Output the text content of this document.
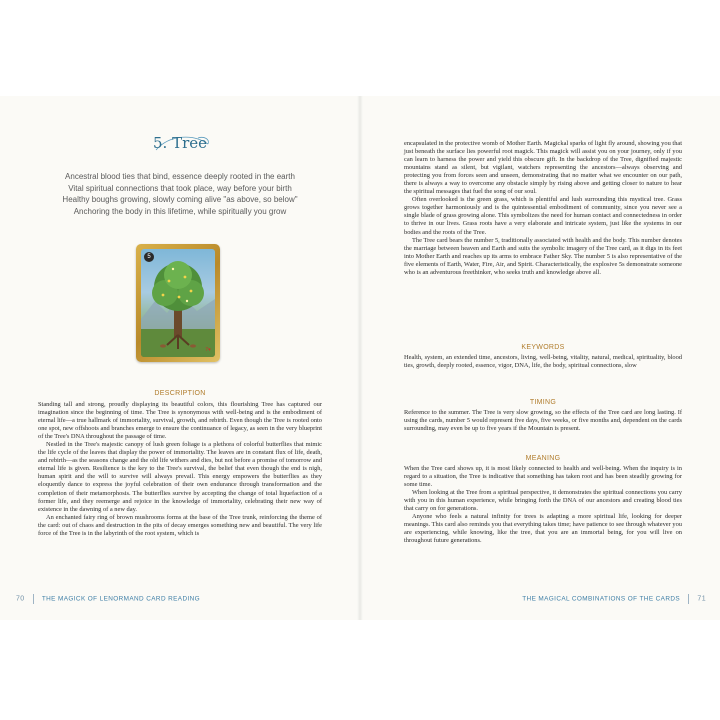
5. Tree
Ancestral blood ties that bind, essence deeply rooted in the earth
Vital spiritual connections that took place, way before your birth
Healthy boughs growing, slowly coming alive "as above, so below"
Anchoring the body in this lifetime, while spiritually you grow
5
7♥
DESCRIPTION

Standing tall and strong, proudly displaying its beautiful colors, this flourishing Tree has captured our imagination since the beginning of time. The Tree is synonymous with well-being and is the embodiment of eternal life—a true hallmark of immortality, survival, growth, and rebirth. Even though the Tree is rooted onto one spot, new offshoots and branches emerge to ensure the continuance of legacy, as seen in the very blueprint of the Tree's DNA throughout the passage of time.

Nestled in the Tree's majestic canopy of lush green foliage is a plethora of colorful butterflies that mimic the life cycle of the leaves that display the power of immortality. The leaves are in constant flux of life, death, and rebirth—as the seasons change and the old life withers and dies, but not before a promise of tomorrow and eternal life is given. Resilience is the key to the Tree's survival, the belief that even though the end is nigh, human spirit and the will to survive will always prevail. This energy empowers the butterflies as they eloquently dance to express the joyful celebration of their own endurance through transformation and the completion of their metamorphosis. The butterflies survive by accepting the change of total liquefaction of a former life, and they reemerge and rejoice in the knowledge of immortality, celebrating their new way of existence in the dawning of a new day.

An enchanted fairy ring of brown mushrooms forms at the base of the Tree trunk, reinforcing the theme of the card: out of chaos and destruction in the pits of decay emerges something new and beautiful. The very life force of the Tree is in the labyrinth of the root system, which is

70	THE MAGICK OF LENORMAND CARD READING

encapsulated in the protective womb of Mother Earth. Magickal sparks of light fly around, showing you that just beneath the surface lies powerful root magick. This magick will assist you on your journey, only if you can learn to harness the power and yield this obscure gift. In the backdrop of the Tree, dignified majestic mountains stand as silent, but vigilant, watchers representing the ancestors—always observing and protecting you from forces seen and unseen, demonstrating that no matter what we encounter on our path, there is always a way to overcome any obstacle simply by rising above and getting closer to nature to hear the spiritual messages that fuel the song of our soul.

Often overlooked is the green grass, which is plentiful and lush surrounding this mystical tree. Grass grows together harmoniously and is the quintessential embodiment of community, since you never see a single blade of grass growing alone. This symbolizes the need for human contact and connectedness in order to thrive in our lives. Grass roots have a very elaborate and intricate system, just like the systems in our bodies and the roots of the Tree.

The Tree card bears the number 5, traditionally associated with health and the body. This number denotes the marriage between heaven and Earth and suits the symbolic imagery of the Tree card, as it digs in its feet into Mother Earth and reaches up its arms to embrace Father Sky. The number 5 is also representative of the five elements of Earth, Water, Fire, Air, and Spirit. Characteristically, the explosive 5s demonstrate someone who is an adventurous freethinker, who seeks truth and knowledge above all.

KEYWORDS

Health, system, an extended time, ancestors, living, well-being, vitality, natural, medical, spirituality, blood ties, growth, deeply rooted, essence, vigor, DNA, life, the body, spiritual connections, slow

TIMING

Reference to the summer. The Tree is very slow growing, so the effects of the Tree card are long lasting. If using the cards, number 5 would represent five days, five weeks, or five months and, dependent on the cards surrounding, may even be up to five years if the Mountain is present.

MEANING

When the Tree card shows up, it is most likely connected to health and well-being. When the inquiry is in regard to a situation, the Tree is indicative that something has taken root and has been steadily growing for some time.

When looking at the Tree from a spiritual perspective, it demonstrates the spiritual connections you carry with you in this human experience, while bringing forth the DNA of our ancestors and creating blood ties that carry on for generations.

Anyone who feels a natural infinity for trees is adapting a more spiritual life, looking for deeper meanings. This card also reminds you that everything takes time; have patience to see through whatever you are experiencing, while knowing, like the tree, that you are an immortal being, for you will live on throughout future generations.

THE MAGICAL COMBINATIONS OF THE CARDS 71
